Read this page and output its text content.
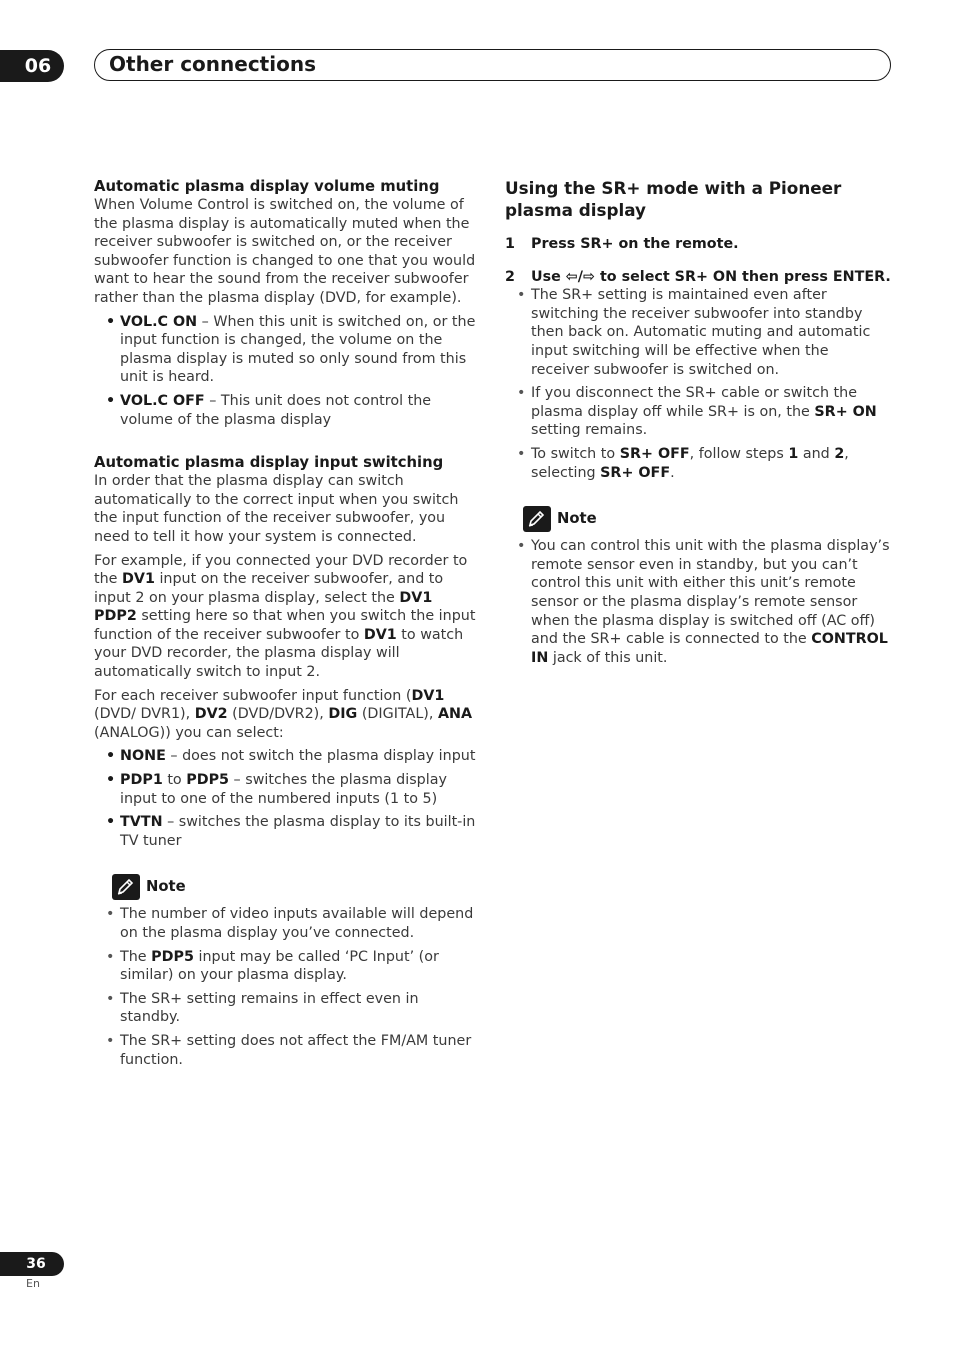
06	Other connections
Automatic plasma display volume muting

When Volume Control is switched on, the volume of the plasma display is automatically muted when the receiver subwoofer is switched on, or the receiver subwoofer function is changed to one that you would want to hear the sound from the receiver subwoofer rather than the plasma display (DVD, for example).

• VOL.C ON – When this unit is switched on, or the input function is changed, the volume on the plasma display is muted so only sound from this unit is heard.
• VOL.C OFF – This unit does not control the volume of the plasma display
Automatic plasma display input switching

In order that the plasma display can switch automatically to the correct input when you switch the input function of the receiver subwoofer, you need to tell it how your system is connected.

For example, if you connected your DVD recorder to the DV1 input on the receiver subwoofer, and to input 2 on your plasma display, select the DV1 PDP2 setting here so that when you switch the input function of the receiver subwoofer to DV1 to watch your DVD recorder, the plasma display will automatically switch to input 2.

For each receiver subwoofer input function (DV1 (DVD/ DVR1), DV2 (DVD/DVR2), DIG (DIGITAL), ANA (ANALOG)) you can select:

• NONE – does not switch the plasma display input
• PDP1 to PDP5 – switches the plasma display input to one of the numbered inputs (1 to 5)
• TVTN – switches the plasma display to its built-in TV tuner
Note
• The number of video inputs available will depend on the plasma display you’ve connected.
• The PDP5 input may be called ‘PC Input’ (or similar) on your plasma display.
• The SR+ setting remains in effect even in standby.
• The SR+ setting does not affect the FM/AM tuner function.
Using the SR+ mode with a Pioneer plasma display
1	Press SR+ on the remote.
2	Use ⇦/⇨ to select SR+ ON then press ENTER.
• The SR+ setting is maintained even after switching the receiver subwoofer into standby then back on. Automatic muting and automatic input switching will be effective when the receiver subwoofer is switched on.
• If you disconnect the SR+ cable or switch the plasma display off while SR+ is on, the SR+ ON setting remains.
• To switch to SR+ OFF, follow steps 1 and 2, selecting SR+ OFF.
Note
• You can control this unit with the plasma display’s remote sensor even in standby, but you can’t control this unit with either this unit’s remote sensor or the plasma display’s remote sensor when the plasma display is switched off (AC off) and the SR+ cable is connected to the CONTROL IN jack of this unit.
36
En
